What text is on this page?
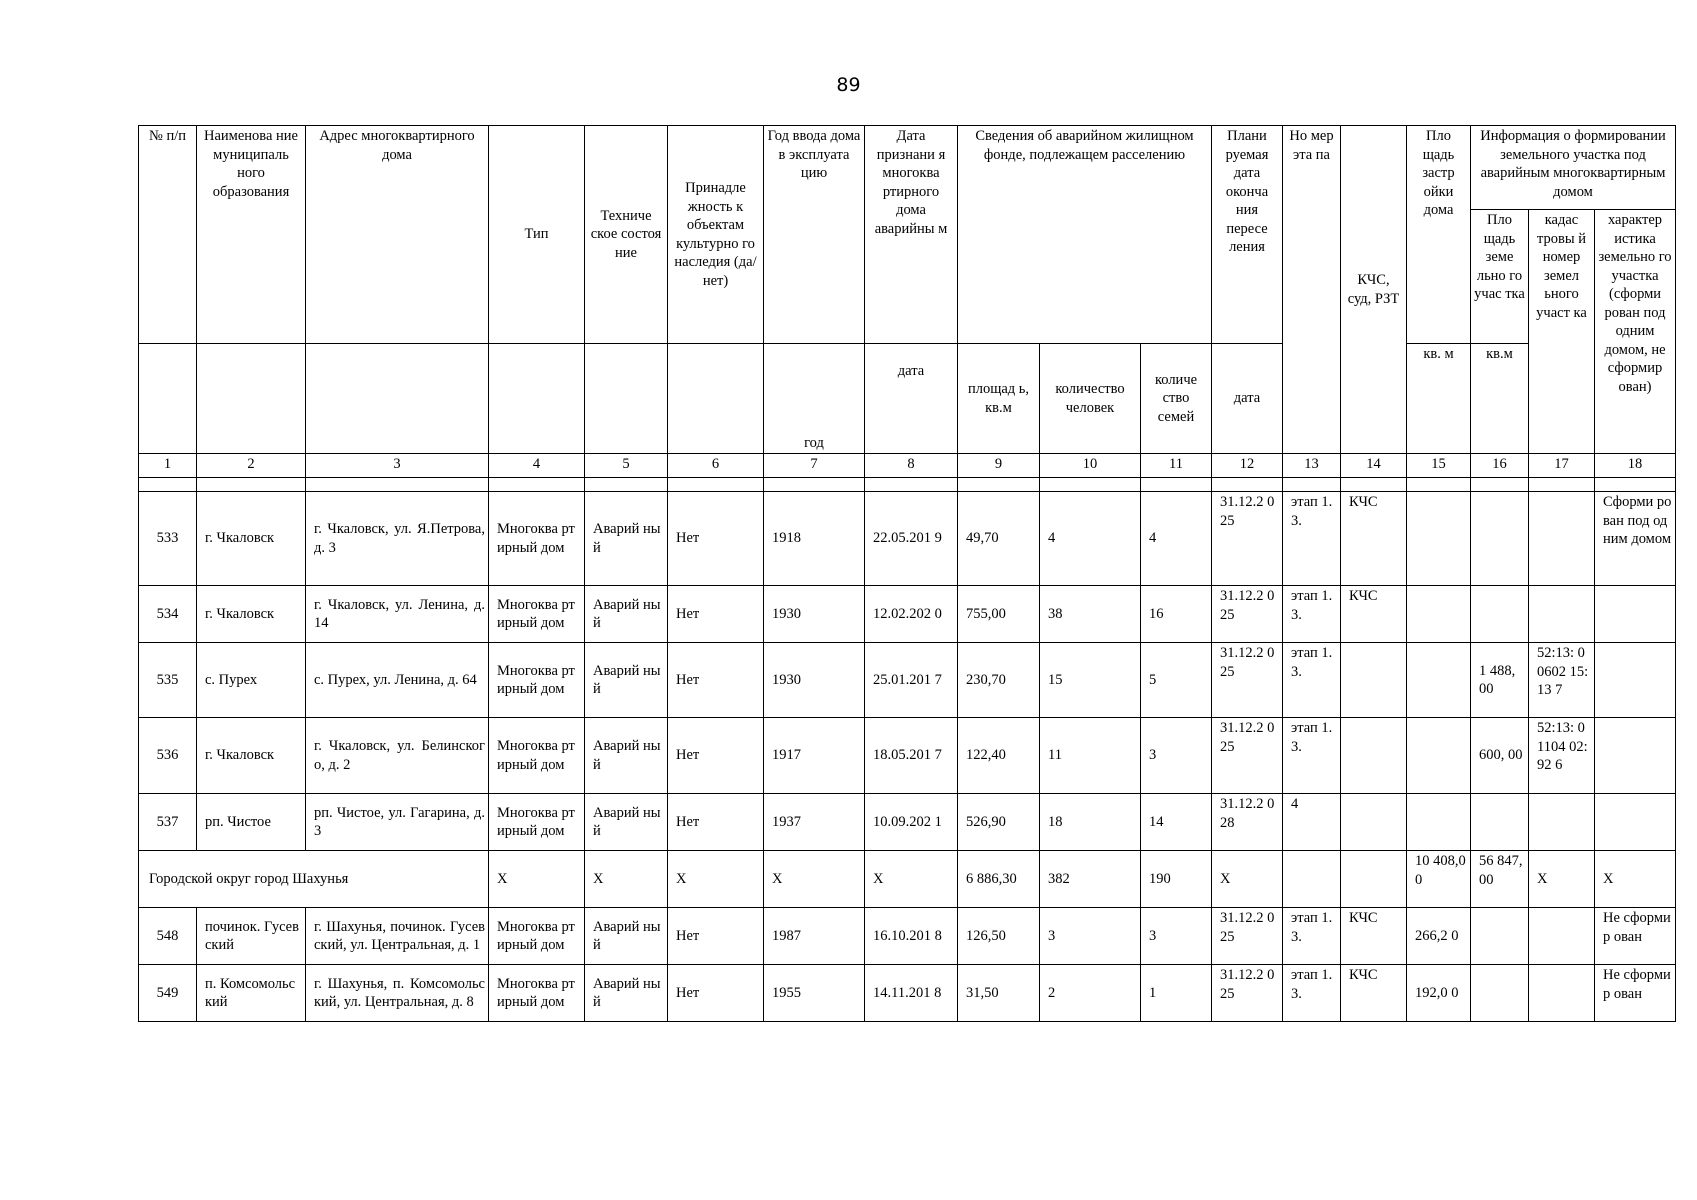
89
№ п/п	Наименова ние муниципаль ного образования	Адрес многоквартирного дома	Тип	Техниче ское состоя ние	Принадле жность к объектам культурно го наследия (да/нет)	Год ввода дома в эксплуата цию	Дата признани я многоква ртирного дома аварийны м	Сведения об аварийном жилищном фонде, подлежащем расселению			Плани руемая дата оконча ния пересе ления	Но мер эта па	КЧС, суд, РЗТ	Пло щадь застр ойки дома	Информация о формировании земельного участка под аварийным многоквартирным домом		
															Пло щадь земе льно го учас тка	кадас тровы й номер земел ьного участ ка	характер истика земельно го участка (сформи рован под одним домом, не сформир ован)
						год	дата	площад ь, кв.м	количество человек	количе ство семей	дата			кв. м	кв.м		
1	2	3	4	5	6	7	8	9	10	11	12	13	14	15	16	17	18

533	г. Чкаловск	г. Чкаловск, ул. Я.Петрова, д. 3	Многоква ртирный дом	Аварий ный	Нет	1918	22.05.201 9	49,70	4	4	31.12.2 025	этап 1.3.	КЧС				Сформи рован под одним домом
534	г. Чкаловск	г. Чкаловск, ул. Ленина, д. 14	Многоква ртирный дом	Аварий ный	Нет	1930	12.02.202 0	755,00	38	16	31.12.2 025	этап 1.3.	КЧС				
535	с. Пурех	с. Пурех, ул. Ленина, д. 64	Многоква ртирный дом	Аварий ный	Нет	1930	25.01.201 7	230,70	15	5	31.12.2 025	этап 1.3.			1 488, 00	52:13: 00602 15:13 7	
536	г. Чкаловск	г. Чкаловск, ул. Белинского, д. 2	Многоква ртирный дом	Аварий ный	Нет	1917	18.05.201 7	122,40	11	3	31.12.2 025	этап 1.3.			600, 00	52:13: 01104 02:92 6	
537	рп. Чистое	рп. Чистое, ул. Гагарина, д. 3	Многоква ртирный дом	Аварий ный	Нет	1937	10.09.202 1	526,90	18	14	31.12.2 028	4					
Городской округ город Шахунья			Х	Х	Х	Х	Х	6 886,30	382	190	Х			10 408,0 0	56 847, 00	Х	Х
548	починок. Гусевский	г. Шахунья, починок. Гусевский, ул. Центральная, д. 1	Многоква ртирный дом	Аварий ный	Нет	1987	16.10.201 8	126,50	3	3	31.12.2 025	этап 1.3.	КЧС	266,2 0			Не сформир ован
549	п. Комсомольс кий	г. Шахунья, п. Комсомольский, ул. Центральная, д. 8	Многоква ртирный дом	Аварий ный	Нет	1955	14.11.201 8	31,50	2	1	31.12.2 025	этап 1.3.	КЧС	192,0 0			Не сформир ован
